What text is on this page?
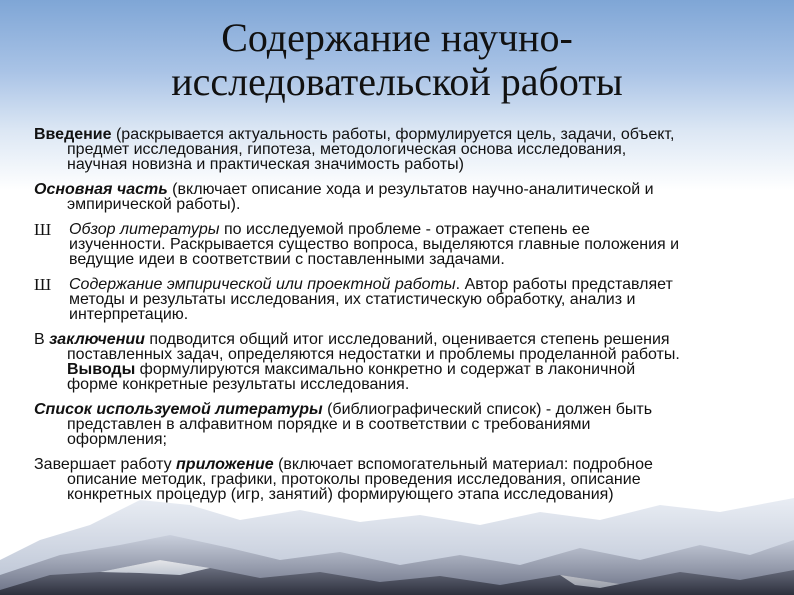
Содержание научно-
исследовательской работы
Введение (раскрывается актуальность работы, формулируется цель, задачи, объект,
предмет исследования, гипотеза, методологическая основа исследования,
научная новизна и практическая значимость работы)
Основная часть (включает описание хода и результатов научно-аналитической и
эмпирической работы).
Ш Обзор литературы по исследуемой проблеме - отражает степень ее
изученности. Раскрывается существо вопроса, выделяются главные положения и
ведущие идеи в соответствии с поставленными задачами.
Ш Содержание эмпирической или проектной работы. Автор работы представляет
методы и результаты исследования, их статистическую обработку, анализ и
интерпретацию.
В заключении подводится общий итог исследований, оценивается степень решения
поставленных задач, определяются недостатки и проблемы проделанной работы.
Выводы формулируются максимально конкретно и содержат в лаконичной
форме конкретные результаты исследования.
Список используемой литературы (библиографический список) - должен быть
представлен в алфавитном порядке и в соответствии с требованиями
оформления;
Завершает работу приложение (включает вспомогательный материал: подробное
описание методик, графики, протоколы проведения исследования, описание
конкретных процедур (игр, занятий) формирующего этапа исследования)
